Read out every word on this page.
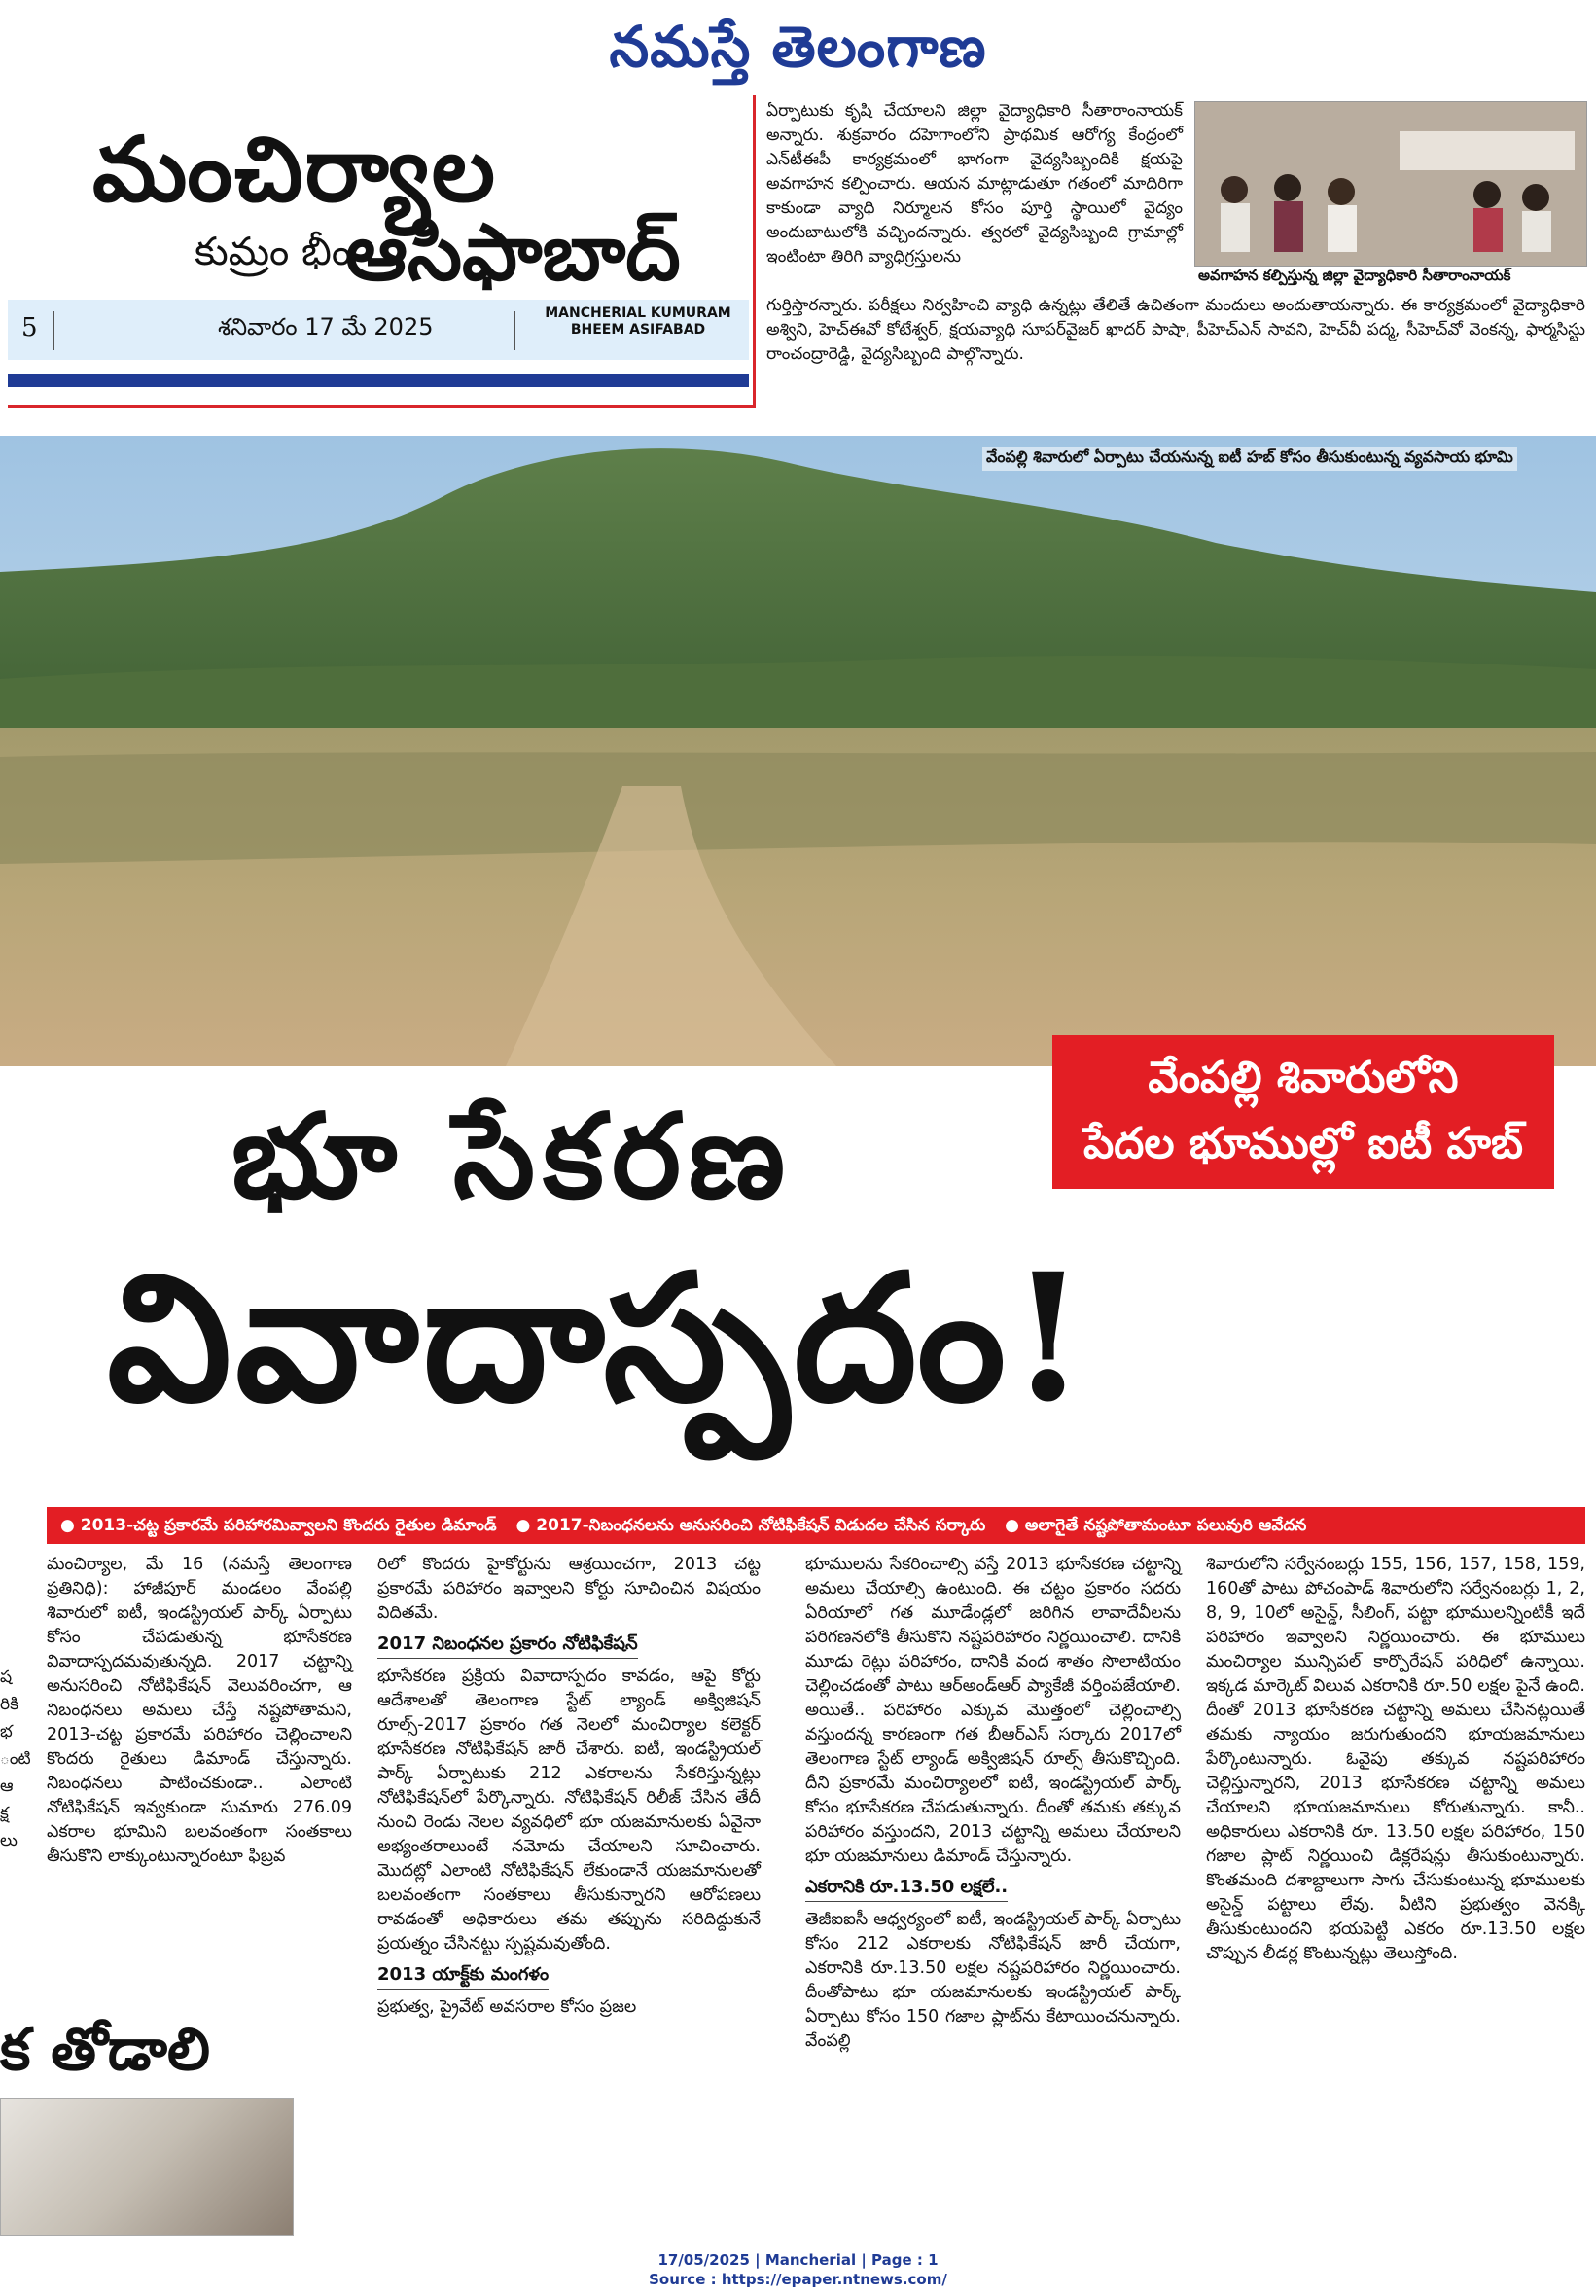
నమస్తే తెలంగాణ
మంచిర్యాల
కుమ్రం భీం
ఆసిఫాబాద్
5	శనివారం 17 మే 2025	MANCHERIAL KUMURAM BHEEM ASIFABAD
ఏర్పాటుకు కృషి చేయాలని జిల్లా వైద్యాధికారి సీతారాంనాయక్ అన్నారు. శుక్రవారం దహెగాంలోని ప్రాథమిక ఆరోగ్య కేంద్రంలో ఎన్‌టీఈపీ కార్యక్రమంలో భాగంగా వైద్యసిబ్బందికి క్షయపై అవగాహన కల్పించారు. ఆయన మాట్లాడుతూ గతంలో మాదిరిగా కాకుండా వ్యాధి నిర్మూలన కోసం పూర్తి స్థాయిలో వైద్యం అందుబాటులోకి వచ్చిందన్నారు. త్వరలో వైద్యసిబ్బంది గ్రామాల్లో ఇంటింటా తిరిగి వ్యాధిగ్రస్తులను
అవగాహన కల్పిస్తున్న జిల్లా వైద్యాధికారి సీతారాంనాయక్
గుర్తిస్తారన్నారు. పరీక్షలు నిర్వహించి వ్యాధి ఉన్నట్లు తేలితే ఉచితంగా మందులు అందుతాయన్నారు. ఈ కార్యక్రమంలో వైద్యాధికారి అశ్విని, హెచ్‌ఈవో కోటేశ్వర్, క్షయవ్యాధి సూపర్‌వైజర్ ఖాదర్ పాషా, పీహెచ్‌ఎన్ సావని, హెచ్‌వీ పద్మ, సీహెచ్‌వో వెంకన్న, ఫార్మసిస్టు రాంచంద్రారెడ్డి, వైద్యసిబ్బంది పాల్గొన్నారు.
వేంపల్లి శివారులో ఏర్పాటు చేయనున్న ఐటీ హబ్ కోసం తీసుకుంటున్న వ్యవసాయ భూమి
వేంపల్లి శివారులోని
పేదల భూముల్లో ఐటీ హబ్
భూ సేకరణ
వివాదాస్పదం!
● 2013-చట్ట ప్రకారమే పరిహారమివ్వాలని కొందరు రైతుల డిమాండ్ ● 2017-నిబంధనలను అనుసరించి నోటిఫికేషన్ విడుదల చేసిన సర్కారు ● అలాగైతే నష్టపోతామంటూ పలువురి ఆవేదన

మంచిర్యాల, మే 16 (నమస్తే తెలంగాణ ప్రతినిధి): హాజీపూర్ మండలం వేంపల్లి శివారులో ఐటీ, ఇండస్ట్రియల్ పార్క్ ఏర్పాటు కోసం చేపడుతున్న భూసేకరణ వివాదాస్పదమవుతున్నది. 2017 చట్టాన్ని అనుసరించి నోటిఫికేషన్ వెలువరించగా, ఆ నిబంధనలు అమలు చేస్తే నష్టపోతామని, 2013-చట్ట ప్రకారమే పరిహారం చెల్లించాలని కొందరు రైతులు డిమాండ్ చేస్తున్నారు. నిబంధనలు పాటించకుండా.. ఎలాంటి నోటిఫికేషన్ ఇవ్వకుండా సుమారు 276.09 ఎకరాల భూమిని బలవంతంగా సంతకాలు తీసుకొని లాక్కుంటున్నారంటూ ఫిబ్రవ

రిలో కొందరు హైకోర్టును ఆశ్రయించగా, 2013 చట్ట ప్రకారమే పరిహారం ఇవ్వాలని కోర్టు సూచించిన విషయం విదితమే.

2017 నిబంధనల ప్రకారం నోటిఫికేషన్

భూసేకరణ ప్రక్రియ వివాదాస్పదం కావడం, ఆపై కోర్టు ఆదేశాలతో తెలంగాణ స్టేట్ ల్యాండ్ అక్విజిషన్ రూల్స్-2017 ప్రకారం గత నెలలో మంచిర్యాల కలెక్టర్ భూసేకరణ నోటిఫికేషన్ జారీ చేశారు. ఐటీ, ఇండస్ట్రియల్ పార్క్ ఏర్పాటుకు 212 ఎకరాలను సేకరిస్తున్నట్లు నోటిఫికేషన్‌లో పేర్కొన్నారు. నోటిఫికేషన్ రిలీజ్ చేసిన తేదీ నుంచి రెండు నెలల వ్యవధిలో భూ యజమానులకు ఏవైనా అభ్యంతరాలుంటే నమోదు చేయాలని సూచించారు. మొదట్లో ఎలాంటి నోటిఫికేషన్ లేకుండానే యజమానులతో బలవంతంగా సంతకాలు తీసుకున్నారని ఆరోపణలు రావడంతో అధికారులు తమ తప్పును సరిదిద్దుకునే ప్రయత్నం చేసినట్టు స్పష్టమవుతోంది.

2013 యాక్ట్‌కు మంగళం

ప్రభుత్వ, ప్రైవేట్ అవసరాల కోసం ప్రజల

భూములను సేకరించాల్సి వస్తే 2013 భూసేకరణ చట్టాన్ని అమలు చేయాల్సి ఉంటుంది. ఈ చట్టం ప్రకారం సదరు ఏరియాలో గత మూడేండ్లలో జరిగిన లావాదేవీలను పరిగణనలోకి తీసుకొని నష్టపరిహారం నిర్ణయించాలి. దానికి మూడు రెట్లు పరిహారం, దానికి వంద శాతం సొలాటియం చెల్లించడంతో పాటు ఆర్‌అండ్‌ఆర్ ప్యాకేజీ వర్తింపజేయాలి. అయితే.. పరిహారం ఎక్కువ మొత్తంలో చెల్లించాల్సి వస్తుందన్న కారణంగా గత బీఆర్‌ఎస్ సర్కారు 2017లో తెలంగాణ స్టేట్ ల్యాండ్ అక్విజిషన్ రూల్స్ తీసుకొచ్చింది. దీని ప్రకారమే మంచిర్యాలలో ఐటీ, ఇండస్ట్రియల్ పార్క్ కోసం భూసేకరణ చేపడుతున్నారు. దీంతో తమకు తక్కువ పరిహారం వస్తుందని, 2013 చట్టాన్ని అమలు చేయాలని భూ యజమానులు డిమాండ్ చేస్తున్నారు.

ఎకరానికి రూ.13.50 లక్షలే..

తెజీఐఐసీ ఆధ్వర్యంలో ఐటీ, ఇండస్ట్రియల్ పార్క్ ఏర్పాటు కోసం 212 ఎకరాలకు నోటిఫికేషన్ జారీ చేయగా, ఎకరానికి రూ.13.50 లక్షల నష్టపరిహారం నిర్ణయించారు. దీంతోపాటు భూ యజమానులకు ఇండస్ట్రియల్ పార్క్ ఏర్పాటు కోసం 150 గజాల ప్లాట్‌ను కేటాయించనున్నారు. వేంపల్లి

శివారులోని సర్వేనంబర్లు 155, 156, 157, 158, 159, 160తో పాటు పోచంపాడ్ శివారులోని సర్వేనంబర్లు 1, 2, 8, 9, 10లో అసైన్డ్, సీలింగ్, పట్టా భూములన్నింటికీ ఇదే పరిహారం ఇవ్వాలని నిర్ణయించారు. ఈ భూములు మంచిర్యాల మున్సిపల్ కార్పొరేషన్ పరిధిలో ఉన్నాయి. ఇక్కడ మార్కెట్ విలువ ఎకరానికి రూ.50 లక్షల పైనే ఉంది. దీంతో 2013 భూసేకరణ చట్టాన్ని అమలు చేసినట్లయితే తమకు న్యాయం జరుగుతుందని భూయజమానులు పేర్కొంటున్నారు. ఓవైపు తక్కువ నష్టపరిహారం చెల్లిస్తున్నారని, 2013 భూసేకరణ చట్టాన్ని అమలు చేయాలని భూయజమానులు కోరుతున్నారు. కానీ.. అధికారులు ఎకరానికి రూ. 13.50 లక్షల పరిహారం, 150 గజాల ప్లాట్ నిర్ణయించి డిక్లరేషన్లు తీసుకుంటున్నారు. కొంతమంది దశాబ్దాలుగా సాగు చేసుకుంటున్న భూములకు అసైన్డ్ పట్టాలు లేవు. వీటిని ప్రభుత్వం వెనక్కి తీసుకుంటుందని భయపెట్టి ఎకరం రూ.13.50 లక్షల చొప్పున లీడర్ల కొంటున్నట్లు తెలుస్తోంది.

ష
రికి
భ
ంటి
ఆ
క్ష
లు
క తోడాలి
17/05/2025 | Mancherial | Page : 1
Source : https://epaper.ntnews.com/
